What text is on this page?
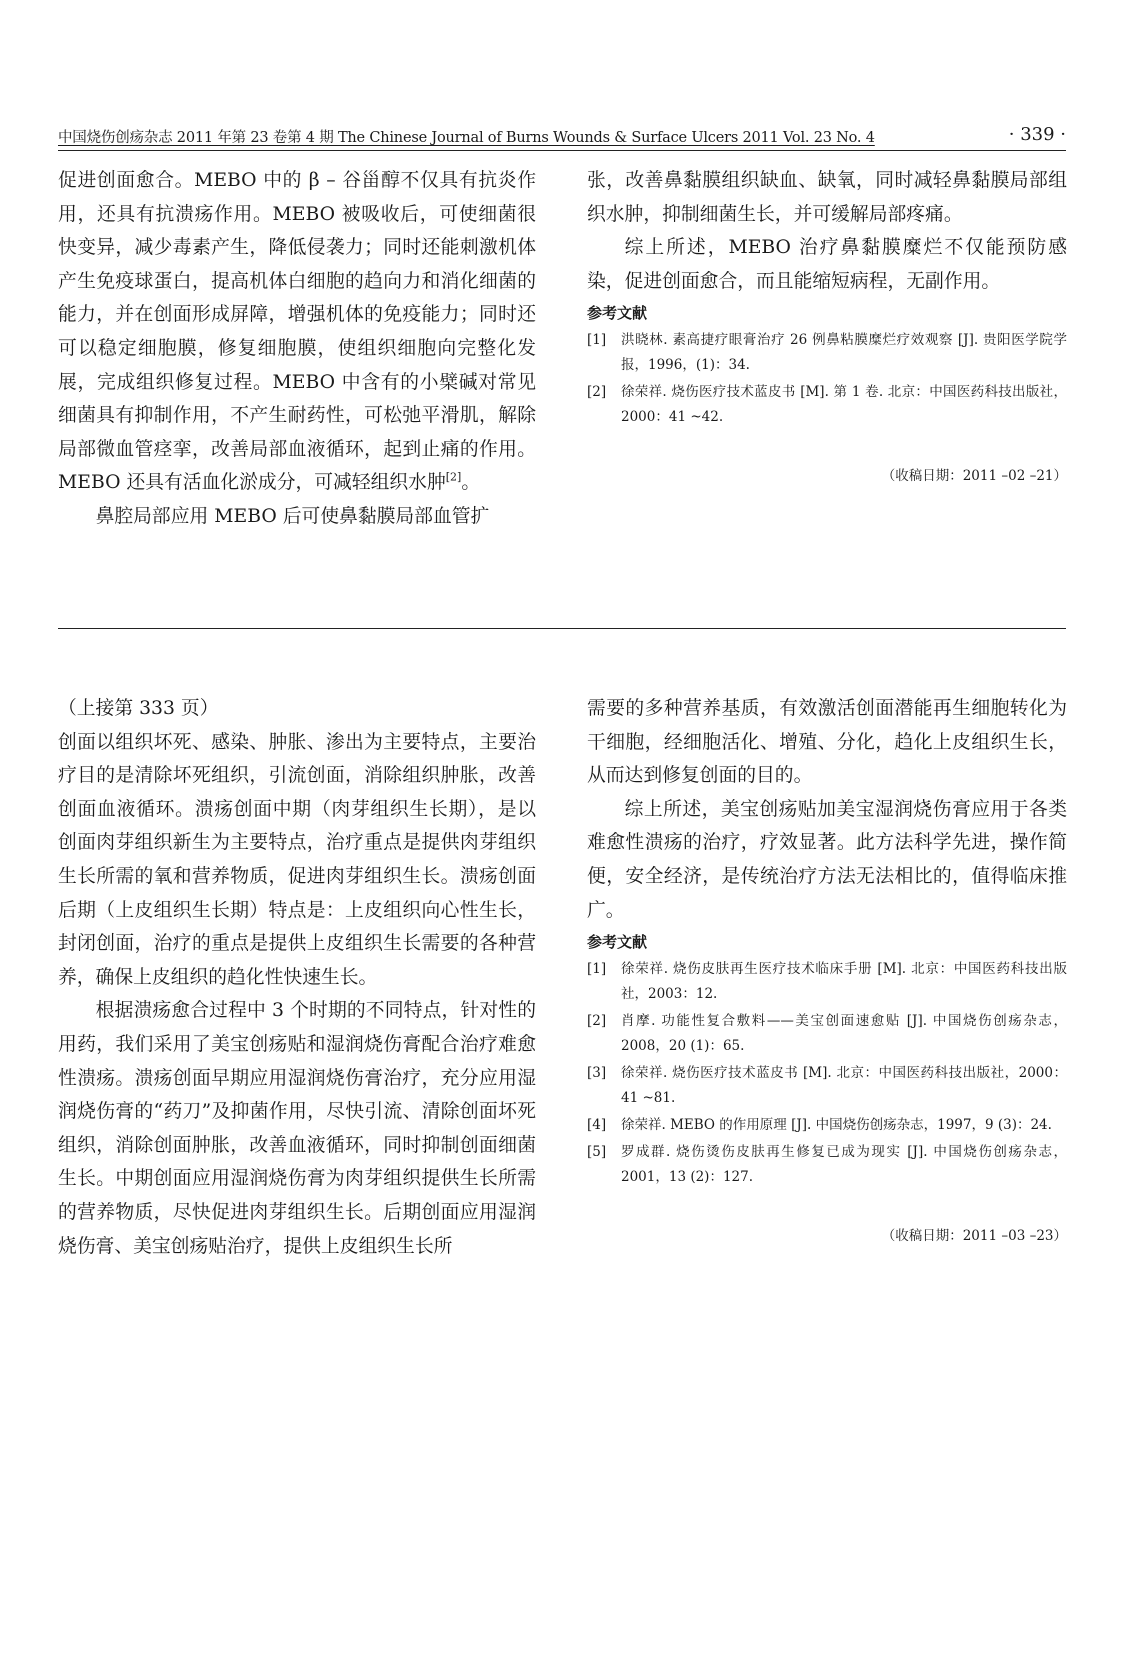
中国烧伤创疡杂志 2011 年第 23 卷第 4 期 The Chinese Journal of Burns Wounds & Surface Ulcers 2011 Vol. 23 No. 4	· 339 ·

促进创面愈合。MEBO 中的 β – 谷甾醇不仅具有抗炎作用，还具有抗溃疡作用。MEBO 被吸收后，可使细菌很快变异，减少毒素产生，降低侵袭力；同时还能刺激机体产生免疫球蛋白，提高机体白细胞的趋向力和消化细菌的能力，并在创面形成屏障，增强机体的免疫能力；同时还可以稳定细胞膜，修复细胞膜，使组织细胞向完整化发展，完成组织修复过程。MEBO 中含有的小檗碱对常见细菌具有抑制作用，不产生耐药性，可松弛平滑肌，解除局部微血管痉挛，改善局部血液循环，起到止痛的作用。MEBO 还具有活血化淤成分，可减轻组织水肿[2]。

鼻腔局部应用 MEBO 后可使鼻黏膜局部血管扩

张，改善鼻黏膜组织缺血、缺氧，同时减轻鼻黏膜局部组织水肿，抑制细菌生长，并可缓解局部疼痛。

综上所述，MEBO 治疗鼻黏膜糜烂不仅能预防感染，促进创面愈合，而且能缩短病程，无副作用。

参考文献
[1] 洪晓林. 素高捷疗眼膏治疗 26 例鼻粘膜糜烂疗效观察 [J]. 贵阳医学院学报，1996，(1)：34.
[2] 徐荣祥. 烧伤医疗技术蓝皮书 [M]. 第 1 卷. 北京：中国医药科技出版社，2000：41 ~42.
（收稿日期：2011 –02 –21）

（上接第 333 页）

创面以组织坏死、感染、肿胀、渗出为主要特点，主要治疗目的是清除坏死组织，引流创面，消除组织肿胀，改善创面血液循环。溃疡创面中期（肉芽组织生长期），是以创面肉芽组织新生为主要特点，治疗重点是提供肉芽组织生长所需的氧和营养物质，促进肉芽组织生长。溃疡创面后期（上皮组织生长期）特点是：上皮组织向心性生长，封闭创面，治疗的重点是提供上皮组织生长需要的各种营养，确保上皮组织的趋化性快速生长。

根据溃疡愈合过程中 3 个时期的不同特点，针对性的用药，我们采用了美宝创疡贴和湿润烧伤膏配合治疗难愈性溃疡。溃疡创面早期应用湿润烧伤膏治疗，充分应用湿润烧伤膏的“药刀”及抑菌作用，尽快引流、清除创面坏死组织，消除创面肿胀，改善血液循环，同时抑制创面细菌生长。中期创面应用湿润烧伤膏为肉芽组织提供生长所需的营养物质，尽快促进肉芽组织生长。后期创面应用湿润烧伤膏、美宝创疡贴治疗，提供上皮组织生长所

需要的多种营养基质，有效激活创面潜能再生细胞转化为干细胞，经细胞活化、增殖、分化，趋化上皮组织生长，从而达到修复创面的目的。

综上所述，美宝创疡贴加美宝湿润烧伤膏应用于各类难愈性溃疡的治疗，疗效显著。此方法科学先进，操作简便，安全经济，是传统治疗方法无法相比的，值得临床推广。

参考文献
[1] 徐荣祥. 烧伤皮肤再生医疗技术临床手册 [M]. 北京：中国医药科技出版社，2003：12.
[2] 肖摩. 功能性复合敷料——美宝创面速愈贴 [J]. 中国烧伤创疡杂志，2008，20 (1)：65.
[3] 徐荣祥. 烧伤医疗技术蓝皮书 [M]. 北京：中国医药科技出版社，2000：41 ~81.
[4] 徐荣祥. MEBO 的作用原理 [J]. 中国烧伤创疡杂志，1997，9 (3)：24.
[5] 罗成群. 烧伤烫伤皮肤再生修复已成为现实 [J]. 中国烧伤创疡杂志，2001，13 (2)：127.
（收稿日期：2011 –03 –23）
